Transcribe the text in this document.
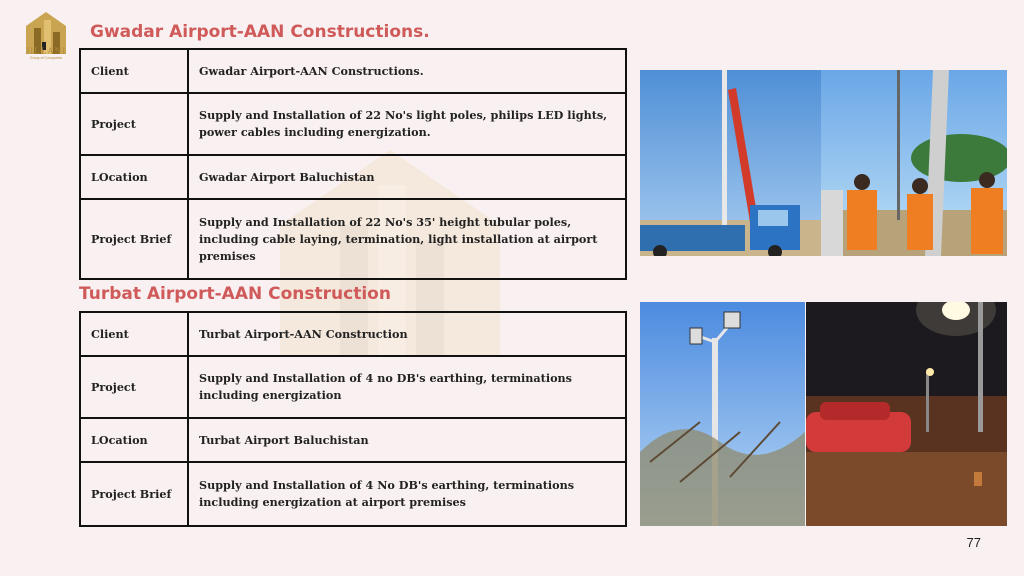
JILLANI
Group of Companies
Gwadar Airport-AAN Constructions.
Client	Gwadar Airport-AAN Constructions.
Project	Supply and Installation of 22 No's light poles, philips LED lights, power cables including energization.
LOcation	Gwadar Airport Baluchistan
Project Brief	Supply and Installation of 22 No's 35' height tubular poles, including cable laying, termination, light installation at airport premises
Turbat Airport-AAN Construction
Client	Turbat Airport-AAN Construction
Project	Supply and Installation of 4 no DB's earthing, terminations including energization
LOcation	Turbat Airport Baluchistan
Project Brief	Supply and Installation of 4 No DB's earthing, terminations including energization at airport premises
77
